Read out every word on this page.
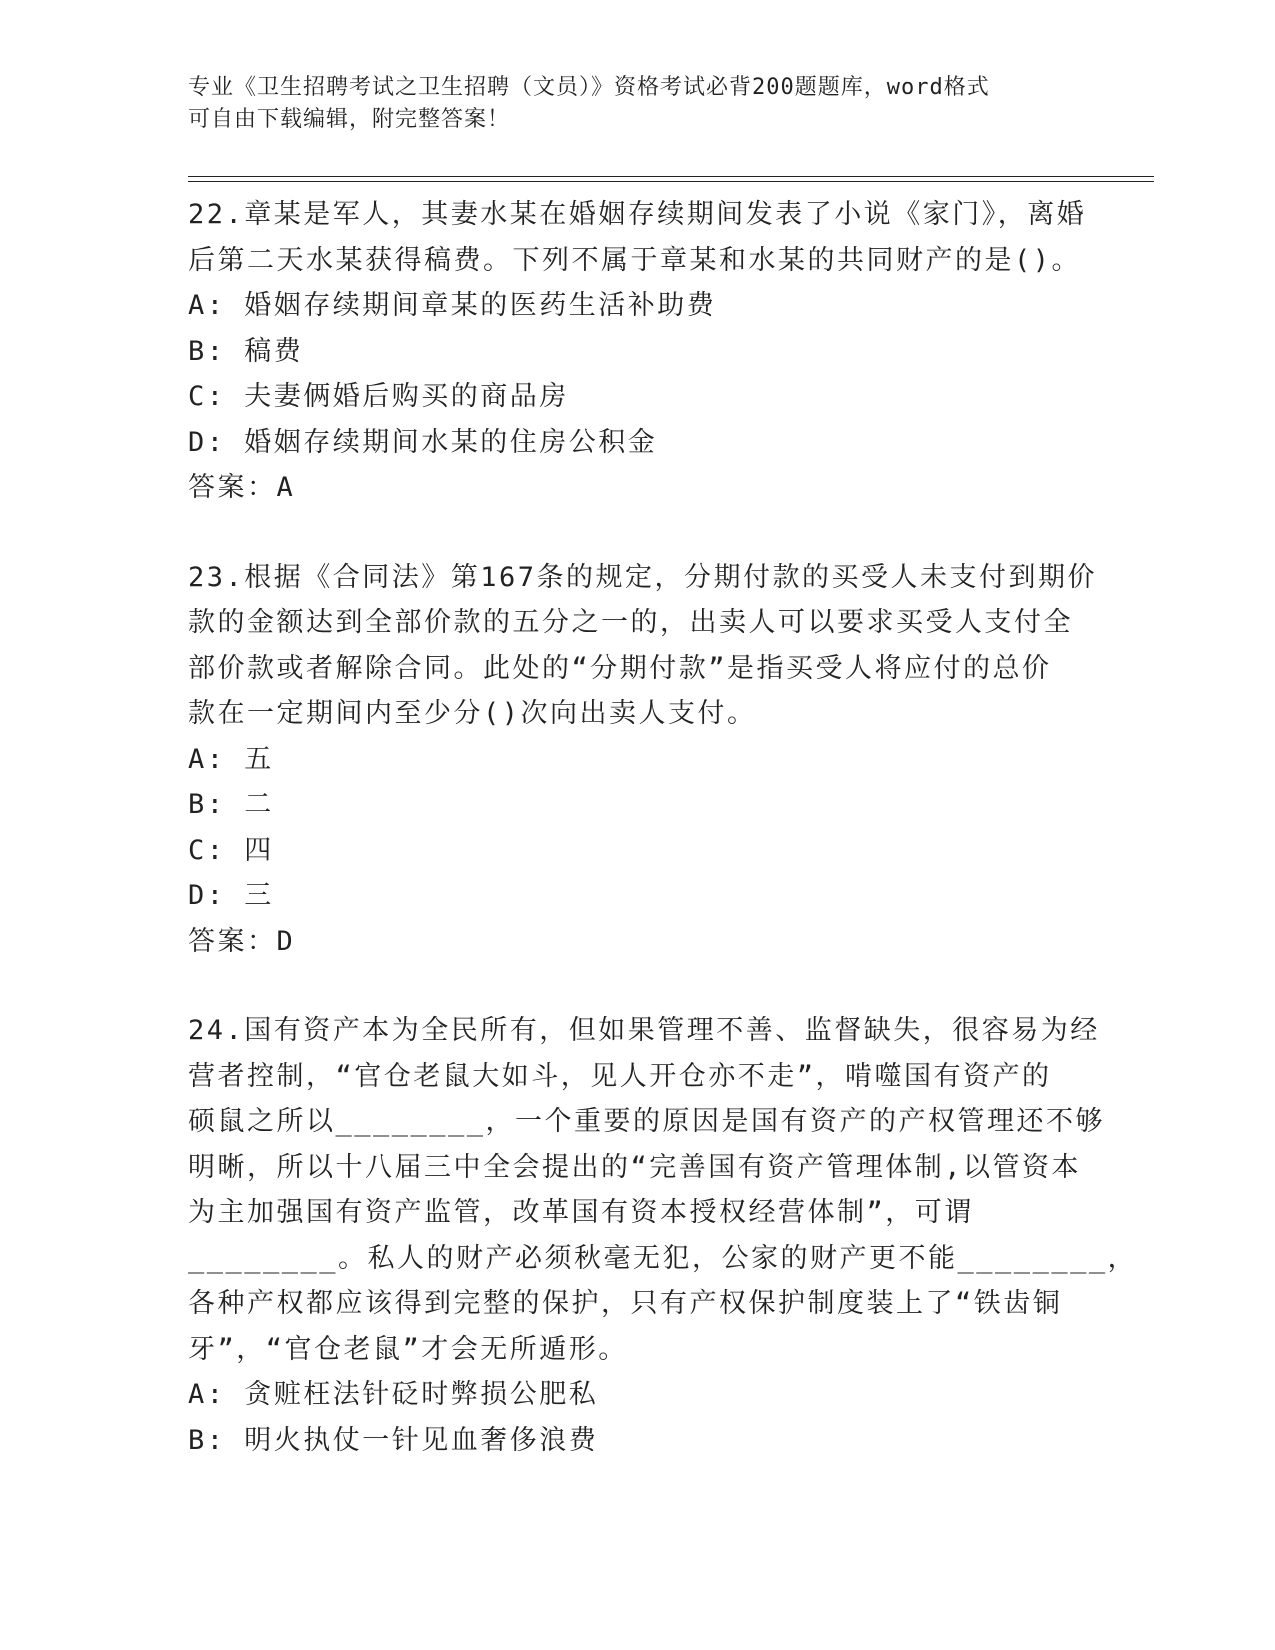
专业《卫生招聘考试之卫生招聘（文员）》资格考试必背200题题库，word格式
可自由下载编辑，附完整答案！
22.章某是军人，其妻水某在婚姻存续期间发表了小说《家门》，离婚
后第二天水某获得稿费。下列不属于章某和水某的共同财产的是()。
A: 婚姻存续期间章某的医药生活补助费
B: 稿费
C: 夫妻俩婚后购买的商品房
D: 婚姻存续期间水某的住房公积金
答案：A
23.根据《合同法》第167条的规定，分期付款的买受人未支付到期价
款的金额达到全部价款的五分之一的，出卖人可以要求买受人支付全
部价款或者解除合同。此处的“分期付款”是指买受人将应付的总价
款在一定期间内至少分()次向出卖人支付。
A: 五
B: 二
C: 四
D: 三
答案：D
24.国有资产本为全民所有，但如果管理不善、监督缺失，很容易为经
营者控制，“官仓老鼠大如斗，见人开仓亦不走”，啃噬国有资产的
硕鼠之所以________，一个重要的原因是国有资产的产权管理还不够
明晰，所以十八届三中全会提出的“完善国有资产管理体制,以管资本
为主加强国有资产监管，改革国有资本授权经营体制”，可谓
________。私人的财产必须秋毫无犯，公家的财产更不能________，
各种产权都应该得到完整的保护，只有产权保护制度装上了“铁齿铜
牙”，“官仓老鼠”才会无所遁形。
A: 贪赃枉法针砭时弊损公肥私
B: 明火执仗一针见血奢侈浪费
